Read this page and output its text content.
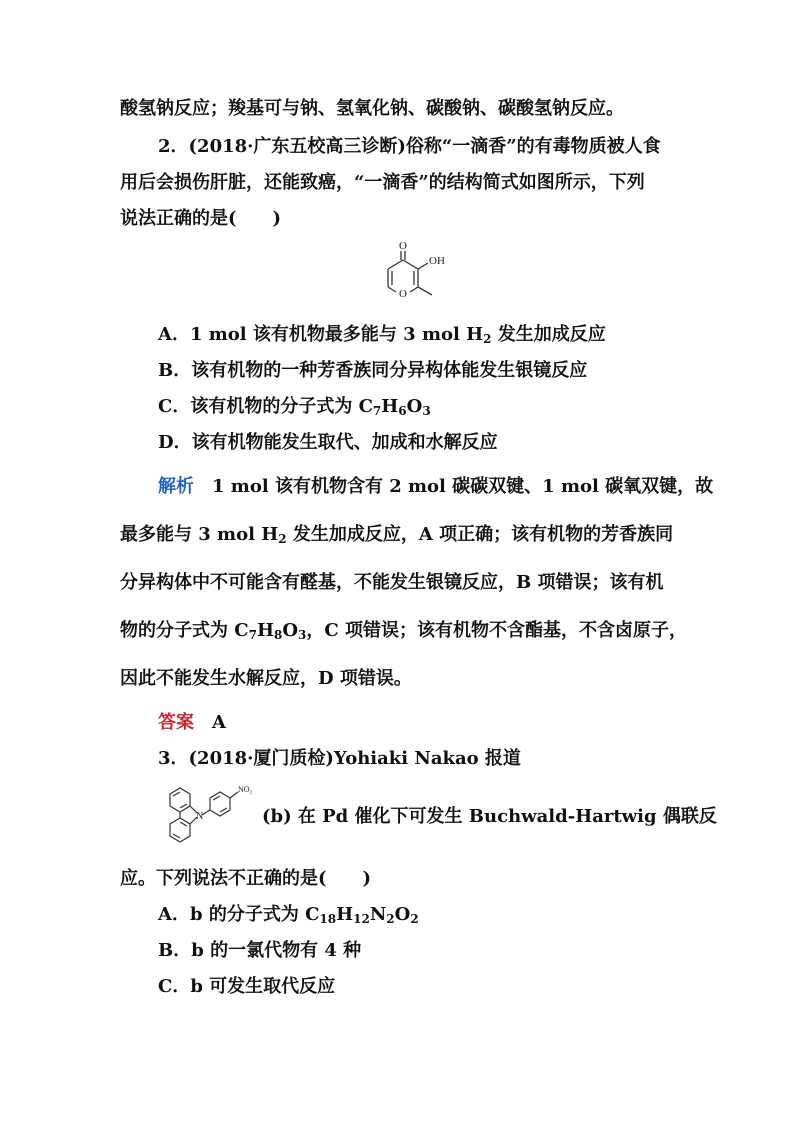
酸氢钠反应；羧基可与钠、氢氧化钠、碳酸钠、碳酸氢钠反应。
2．(2018·广东五校高三诊断)俗称“一滴香”的有毒物质被人食
用后会损伤肝脏，还能致癌，“一滴香”的结构简式如图所示，下列
说法正确的是(　　)
O
OH
O
A．1 mol 该有机物最多能与 3 mol $H_2$ 发生加成反应
B．该有机物的一种芳香族同分异构体能发生银镜反应
C．该有机物的分子式为 $C_7H_6O_3$
D．该有机物能发生取代、加成和水解反应
解析　1 mol 该有机物含有 2 mol 碳碳双键、1 mol 碳氧双键，故
最多能与 3 mol $H_2$ 发生加成反应，A 项正确；该有机物的芳香族同
分异构体中不可能含有醛基，不能发生银镜反应，B 项错误；该有机
物的分子式为 $C_7H_8O_3$，C 项错误；该有机物不含酯基，不含卤原子，
因此不能发生水解反应，D 项错误。
答案　 A
3．(2018·厦门质检)Yohiaki Nakao 报道
N
NO₂
(b) 在 Pd 催化下可发生 Buchwald-Hartwig 偶联反
应。下列说法不正确的是(　　)
A．b 的分子式为 $C_{18}H_{12}N_2O_2$
B．b 的一氯代物有 4 种
C．b 可发生取代反应
